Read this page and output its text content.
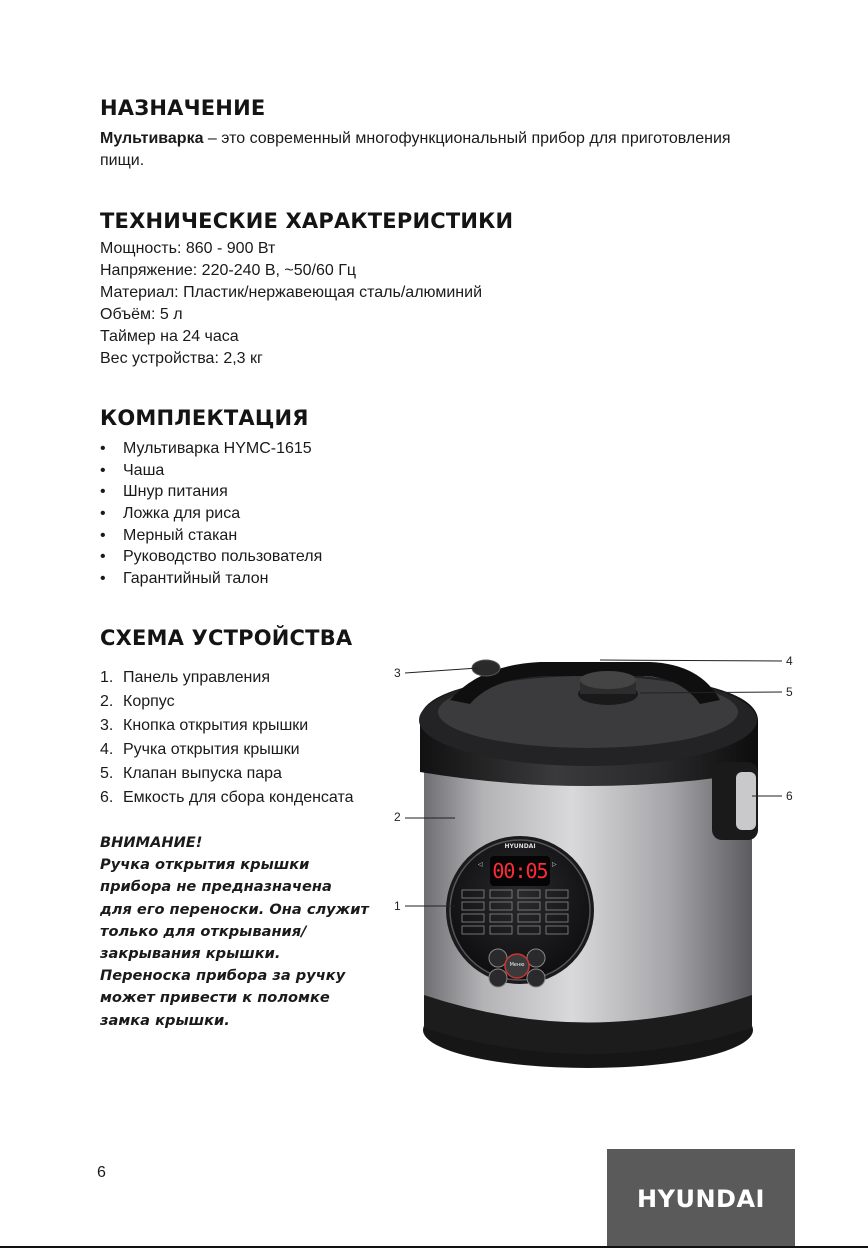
НАЗНАЧЕНИЕ

Мультиварка – это современный многофункциональный прибор для приготовления
пищи.

ТЕХНИЧЕСКИЕ ХАРАКТЕРИСТИКИ
Мощность: 860 - 900 Вт
Напряжение: 220-240 В, ~50/60 Гц
Материал: Пластик/нержавеющая сталь/алюминий
Объём: 5 л
Таймер на 24 часа
Вес устройства: 2,3 кг
КОМПЛЕКТАЦИЯ
• Мультиварка HYMC-1615
• Чаша
• Шнур питания
• Ложка для риса
• Мерный стакан
• Руководство пользователя
• Гарантийный талон
СХЕМА УСТРОЙСТВА
1. Панель управления
2. Корпус
3. Кнопка открытия крышки
4. Ручка открытия крышки
5. Клапан выпуска пара
6. Емкость для сбора конденсата
ВНИМАНИЕ!
Ручка открытия крышки
прибора не предназначена
для его переноски. Она служит
только для открывания/
закрывания крышки.
Переноска прибора за ручку
может привести к поломке
замка крышки.
◁	▷
HYUNDAI
00:05
Меню
3
4
5
6
2
1
6
HYUNDAI
